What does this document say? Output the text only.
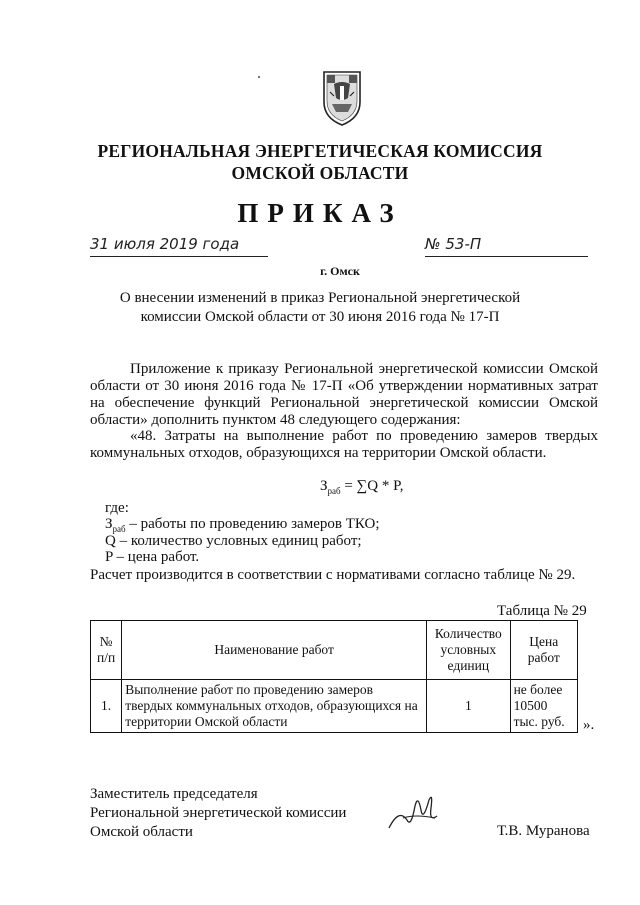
РЕГИОНАЛЬНАЯ ЭНЕРГЕТИЧЕСКАЯ КОМИССИЯ
ОМСКОЙ ОБЛАСТИ
ПРИКАЗ
31 июля 2019 года	№ 53-П
г. Омск
О внесении изменений в приказ Региональной энергетической
комиссии Омской области от 30 июня 2016 года № 17-П
Приложение к приказу Региональной энергетической комиссии Омской области от 30 июня 2016 года № 17-П «Об утверждении нормативных затрат на обеспечение функций Региональной энергетической комиссии Омской области» дополнить пунктом 48 следующего содержания:
«48. Затраты на выполнение работ по проведению замеров твердых коммунальных отходов, образующихся на территории Омской области.
$З_{раб} = \sum Q * P$,
где:
$З_{раб}$ – работы по проведению замеров ТКО;
Q – количество условных единиц работ;
P – цена работ.
Расчет производится в соответствии с нормативами согласно таблице № 29.
Таблица № 29
№ п/п	Наименование работ	Количество условных единиц	Цена работ
1.	Выполнение работ по проведению замеров твердых коммунальных отходов, образующихся на территории Омской области	1	не более 10500 тыс. руб. ».
Заместитель председателя
Региональной энергетической комиссии
Омской области	Т.В. Муранова
